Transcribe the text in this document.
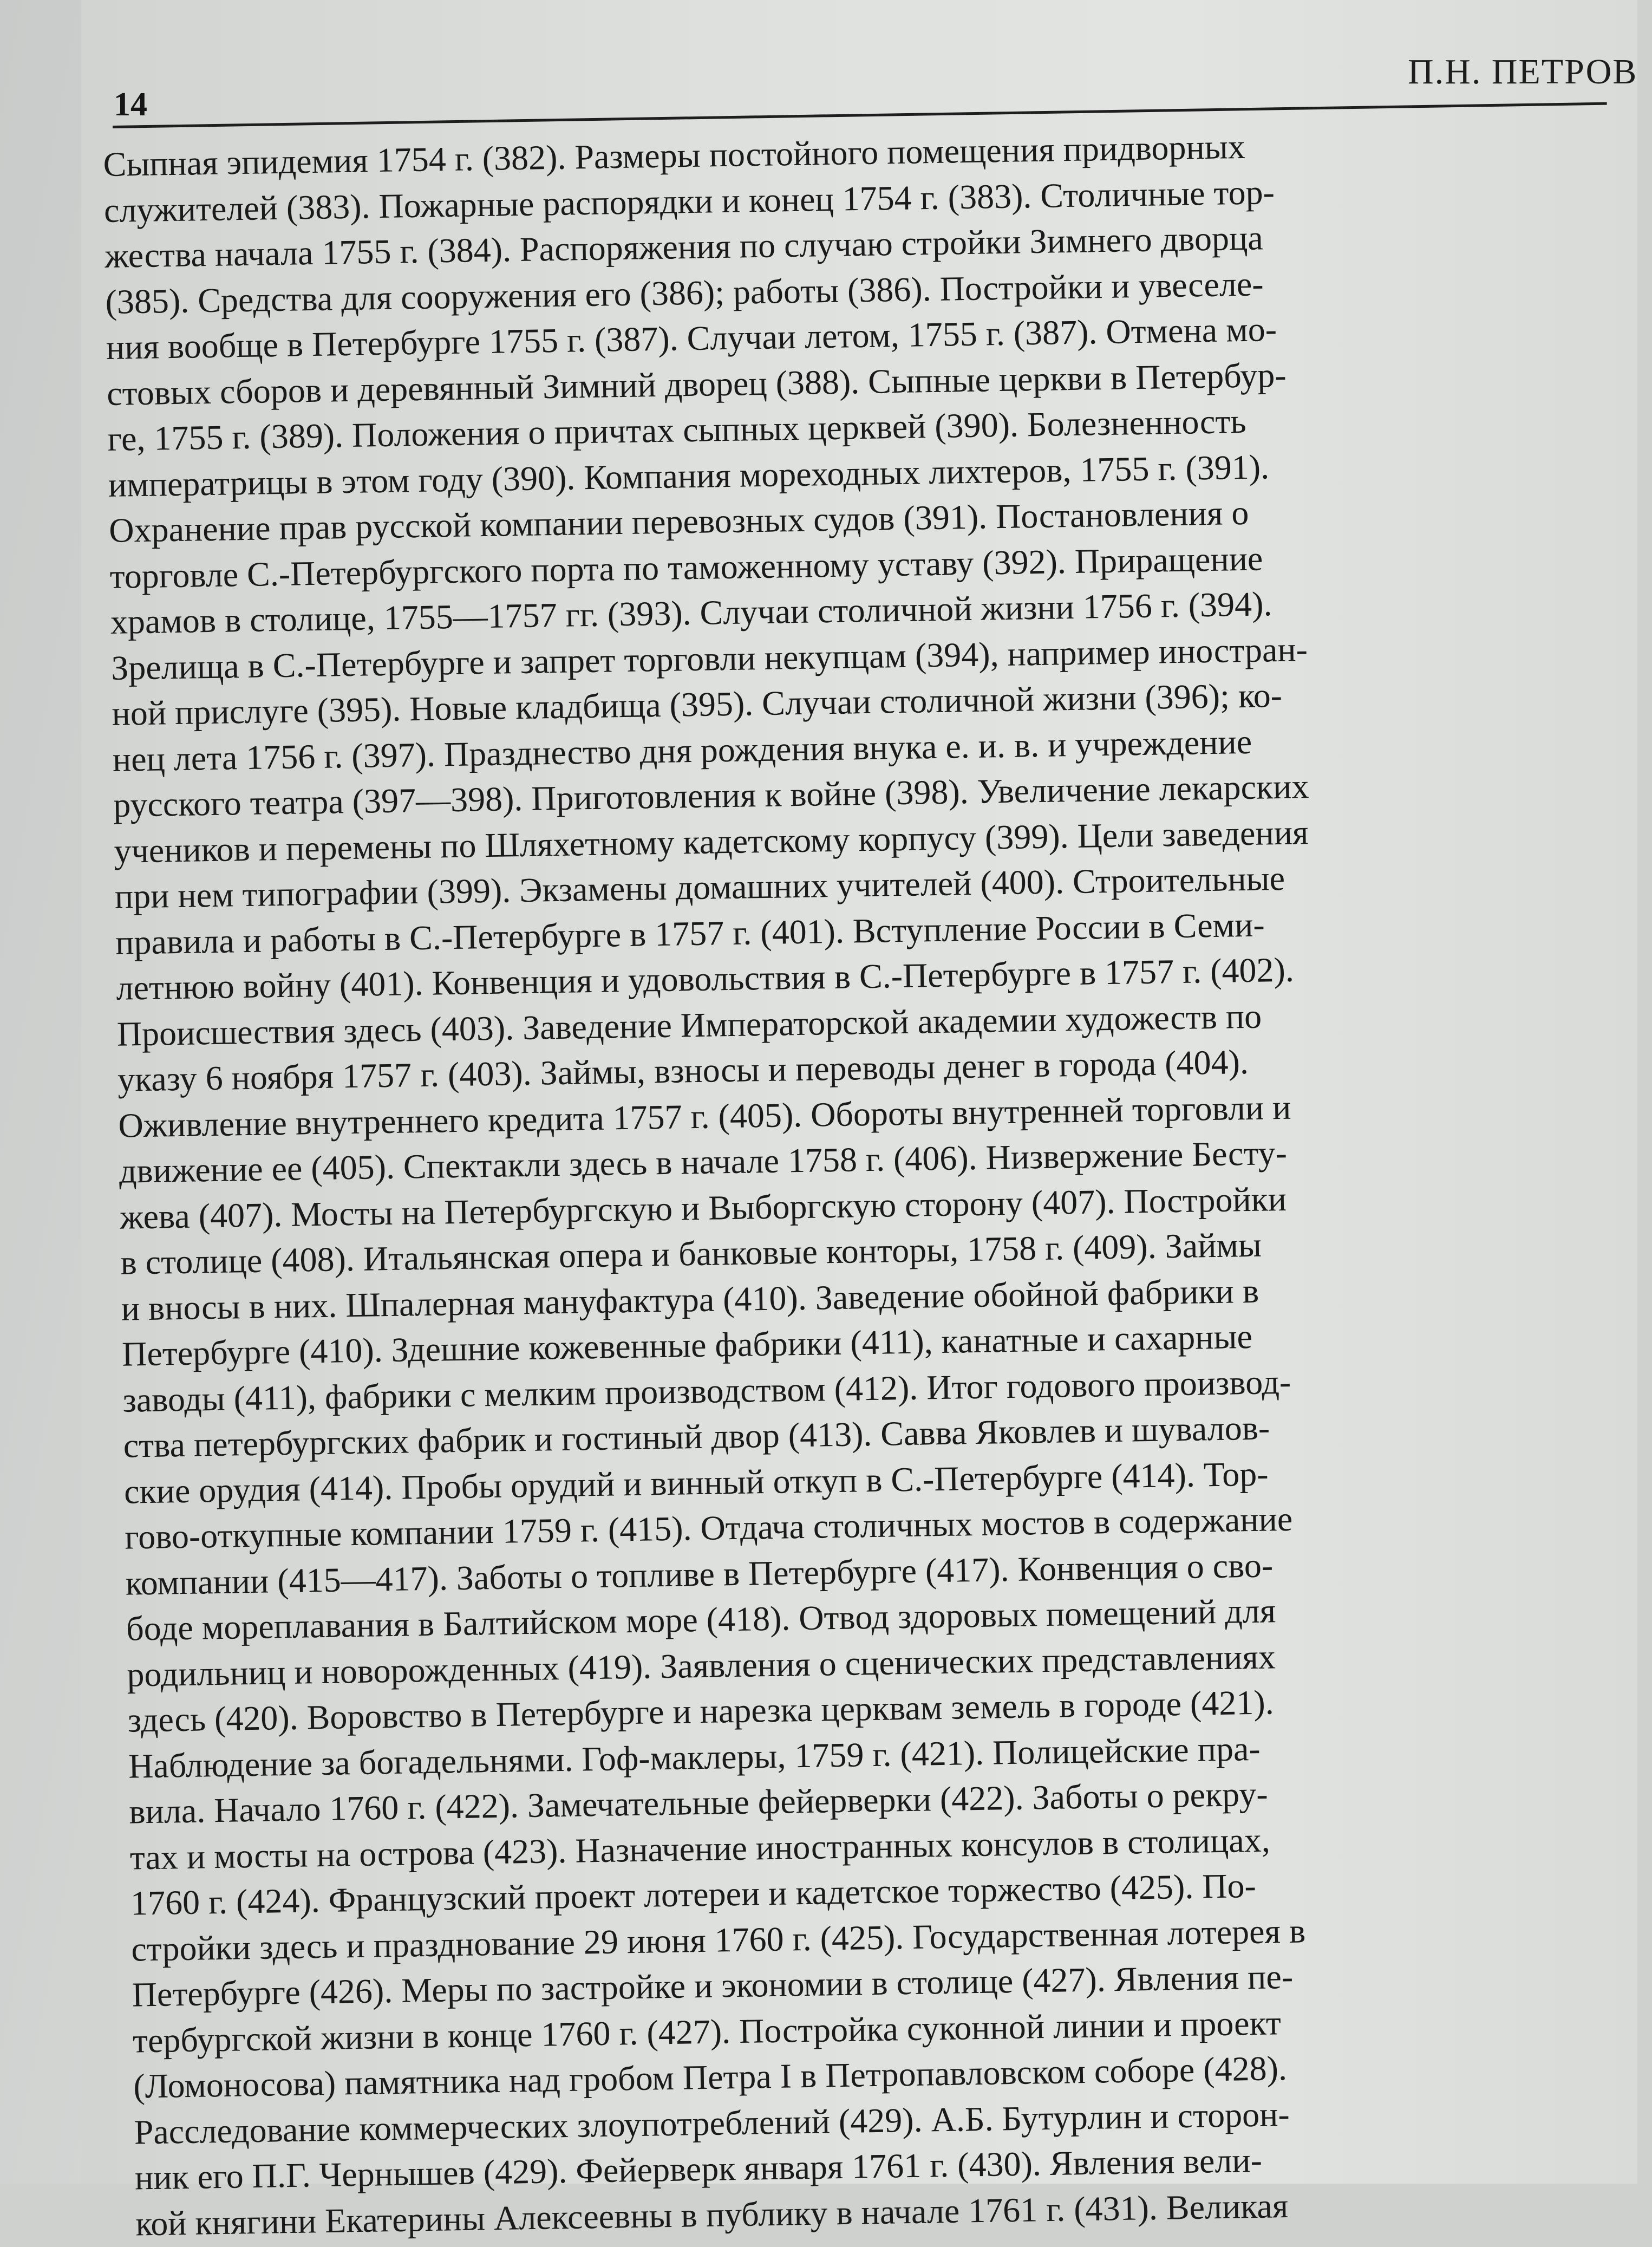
П.Н. ПЕТРОВ
14
Сыпная эпидемия 1754 г. (382). Размеры постойного помещения придворных
служителей (383). Пожарные распорядки и конец 1754 г. (383). Столичные тор-
жества начала 1755 г. (384). Распоряжения по случаю стройки Зимнего дворца
(385). Средства для сооружения его (386); работы (386). Постройки и увеселе-
ния вообще в Петербурге 1755 г. (387). Случаи летом, 1755 г. (387). Отмена мо-
стовых сборов и деревянный Зимний дворец (388). Сыпные церкви в Петербур-
ге, 1755 г. (389). Положения о причтах сыпных церквей (390). Болезненность
императрицы в этом году (390). Компания мореходных лихтеров, 1755 г. (391).
Охранение прав русской компании перевозных судов (391). Постановления о
торговле С.-Петербургского порта по таможенному уставу (392). Приращение
храмов в столице, 1755—1757 гг. (393). Случаи столичной жизни 1756 г. (394).
Зрелища в С.-Петербурге и запрет торговли некупцам (394), например иностран-
ной прислуге (395). Новые кладбища (395). Случаи столичной жизни (396); ко-
нец лета 1756 г. (397). Празднество дня рождения внука е. и. в. и учреждение
русского театра (397—398). Приготовления к войне (398). Увеличение лекарских
учеников и перемены по Шляхетному кадетскому корпусу (399). Цели заведения
при нем типографии (399). Экзамены домашних учителей (400). Строительные
правила и работы в С.-Петербурге в 1757 г. (401). Вступление России в Семи-
летнюю войну (401). Конвенция и удовольствия в С.-Петербурге в 1757 г. (402).
Происшествия здесь (403). Заведение Императорской академии художеств по
указу 6 ноября 1757 г. (403). Займы, взносы и переводы денег в города (404).
Оживление внутреннего кредита 1757 г. (405). Обороты внутренней торговли и
движение ее (405). Спектакли здесь в начале 1758 г. (406). Низвержение Бесту-
жева (407). Мосты на Петербургскую и Выборгскую сторону (407). Постройки
в столице (408). Итальянская опера и банковые конторы, 1758 г. (409). Займы
и вносы в них. Шпалерная мануфактура (410). Заведение обойной фабрики в
Петербурге (410). Здешние кожевенные фабрики (411), канатные и сахарные
заводы (411), фабрики с мелким производством (412). Итог годового производ-
ства петербургских фабрик и гостиный двор (413). Савва Яковлев и шувалов-
ские орудия (414). Пробы орудий и винный откуп в С.-Петербурге (414). Тор-
гово-откупные компании 1759 г. (415). Отдача столичных мостов в содержание
компании (415—417). Заботы о топливе в Петербурге (417). Конвенция о сво-
боде мореплавания в Балтийском море (418). Отвод здоровых помещений для
родильниц и новорожденных (419). Заявления о сценических представлениях
здесь (420). Воровство в Петербурге и нарезка церквам земель в городе (421).
Наблюдение за богадельнями. Гоф-маклеры, 1759 г. (421). Полицейские пра-
вила. Начало 1760 г. (422). Замечательные фейерверки (422). Заботы о рекру-
тах и мосты на острова (423). Назначение иностранных консулов в столицах,
1760 г. (424). Французский проект лотереи и кадетское торжество (425). По-
стройки здесь и празднование 29 июня 1760 г. (425). Государственная лотерея в
Петербурге (426). Меры по застройке и экономии в столице (427). Явления пе-
тербургской жизни в конце 1760 г. (427). Постройка суконной линии и проект
(Ломоносова) памятника над гробом Петра I в Петропавловском соборе (428).
Расследование коммерческих злоупотреблений (429). А.Б. Бутурлин и сторон-
ник его П.Г. Чернышев (429). Фейерверк января 1761 г. (430). Явления вели-
кой княгини Екатерины Алексеевны в публику в начале 1761 г. (431). Великая
